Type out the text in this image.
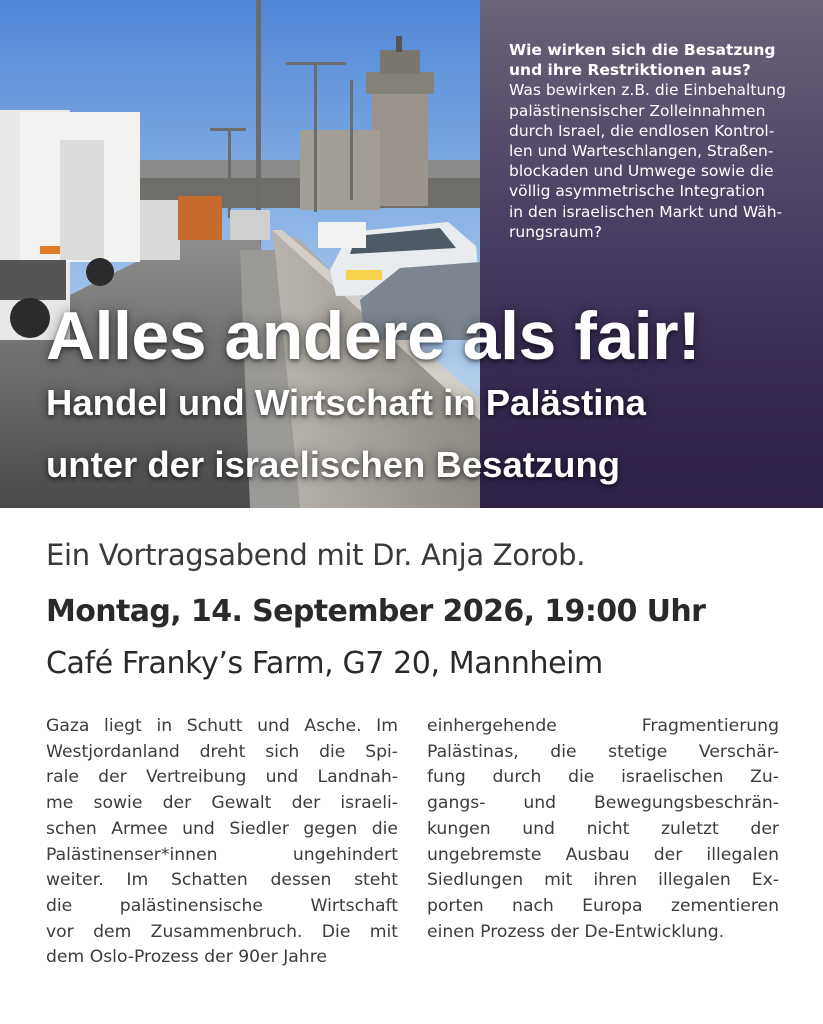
Wie wirken sich die Besatzung
und ihre Restriktionen aus?
Was bewirken z.B. die Einbehaltung
palästinensischer Zolleinnahmen
durch Israel, die endlosen Kontrol-
len und Warteschlangen, Straßen-
blockaden und Umwege sowie die
völlig asymmetrische Integration
in den israelischen Markt und Wäh-
rungsraum?
Alles andere als fair!
Handel und Wirtschaft in Palästina
unter der israelischen Besatzung

Ein Vortragsabend mit Dr. Anja Zorob.

Montag, 14. September 2026, 19:00 Uhr

Café Franky’s Farm, G7 20, Mannheim

Gaza liegt in Schutt und Asche. Im
Westjordanland dreht sich die Spi-
rale der Vertreibung und Landnah-
me sowie der Gewalt der israeli-
schen Armee und Siedler gegen die
Palästinenser*innen ungehindert
weiter. Im Schatten dessen steht
die palästinensische Wirtschaft
vor dem Zusammenbruch. Die mit
dem Oslo-Prozess der 90er Jahre
einhergehende Fragmentierung
Palästinas, die stetige Verschär-
fung durch die israelischen Zu-
gangs- und Bewegungsbeschrän-
kungen und nicht zuletzt der
ungebremste Ausbau der illegalen
Siedlungen mit ihren illegalen Ex-
porten nach Europa zementieren
einen Prozess der De-Entwicklung.
